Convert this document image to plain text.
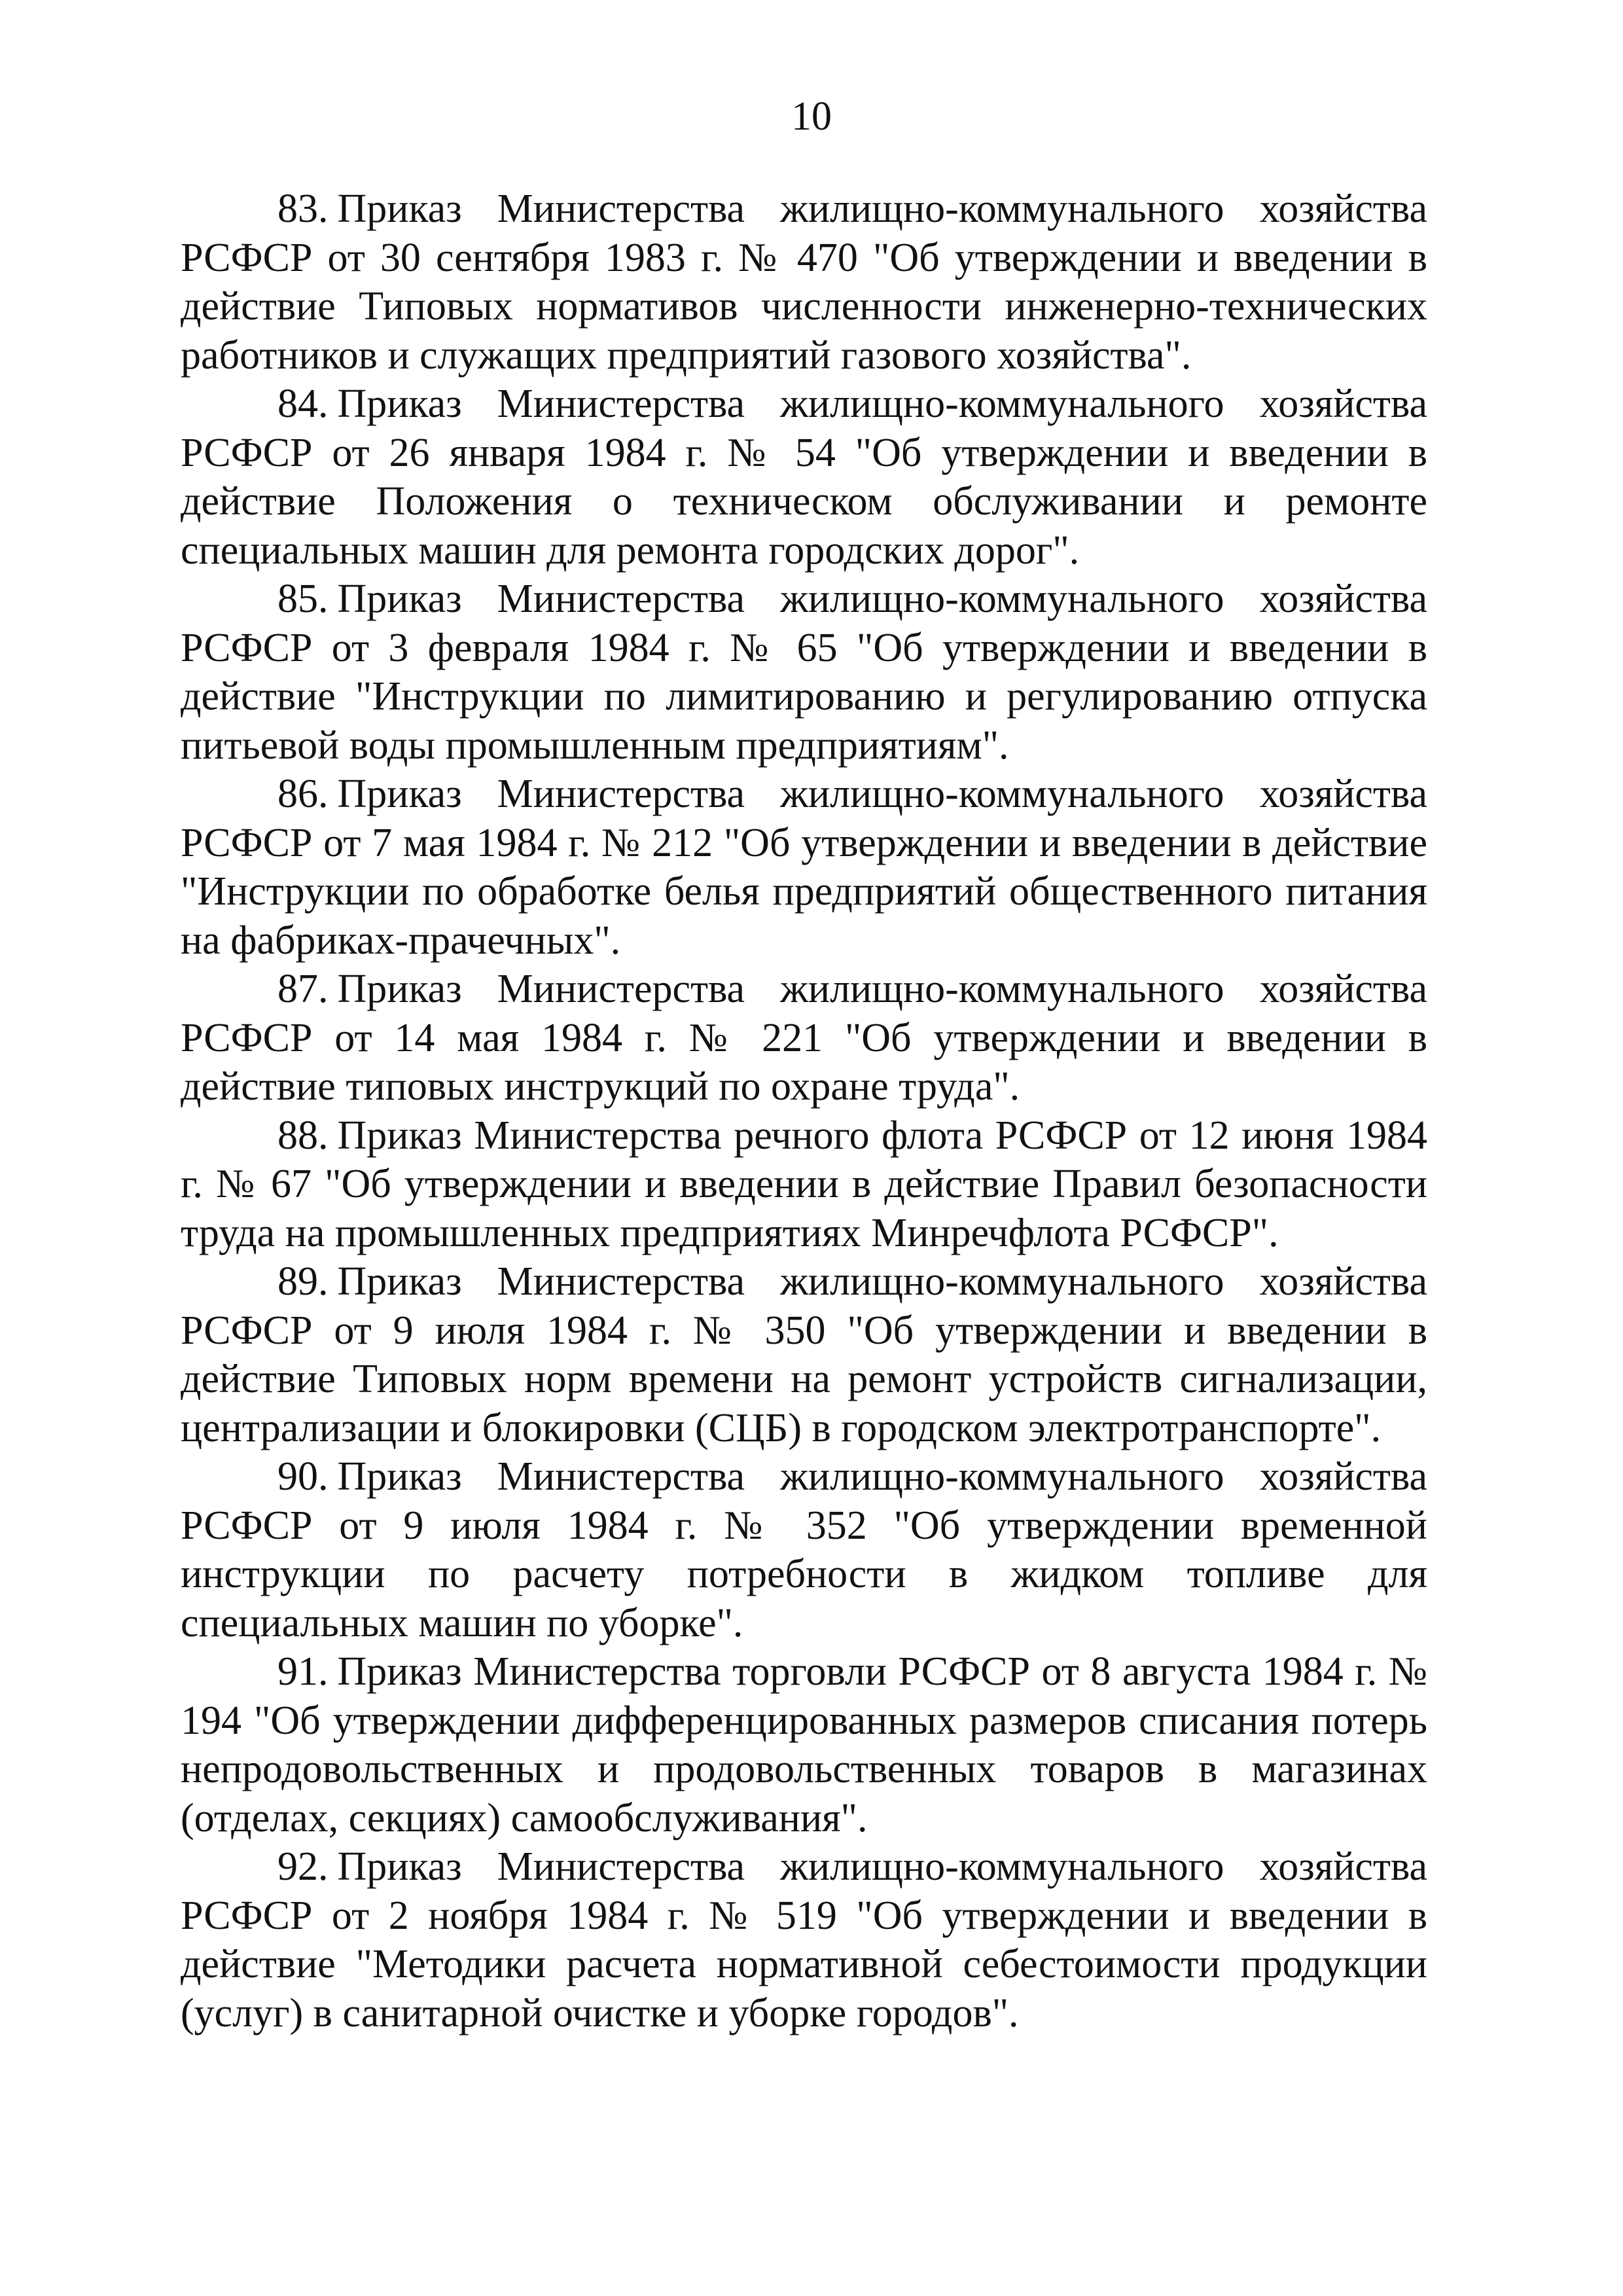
10

83. Приказ Министерства жилищно-коммунального хозяйства РСФСР от 30 сентября 1983 г. № 470 "Об утверждении и введении в действие Типовых нормативов численности инженерно-технических работников и служащих предприятий газового хозяйства".

84. Приказ Министерства жилищно-коммунального хозяйства РСФСР от 26 января 1984 г. № 54 "Об утверждении и введении в действие Положения о техническом обслуживании и ремонте специальных машин для ремонта городских дорог".

85. Приказ Министерства жилищно-коммунального хозяйства РСФСР от 3 февраля 1984 г. № 65 "Об утверждении и введении в действие "Инструкции по лимитированию и регулированию отпуска питьевой воды промышленным предприятиям".

86. Приказ Министерства жилищно-коммунального хозяйства РСФСР от 7 мая 1984 г. № 212 "Об утверждении и введении в действие "Инструкции по обработке белья предприятий общественного питания на фабриках-прачечных".

87. Приказ Министерства жилищно-коммунального хозяйства РСФСР от 14 мая 1984 г. № 221 "Об утверждении и введении в действие типовых инструкций по охране труда".

88. Приказ Министерства речного флота РСФСР от 12 июня 1984 г. № 67 "Об утверждении и введении в действие Правил безопасности труда на промышленных предприятиях Минречфлота РСФСР".

89. Приказ Министерства жилищно-коммунального хозяйства РСФСР от 9 июля 1984 г. № 350 "Об утверждении и введении в действие Типовых норм времени на ремонт устройств сигнализации, централизации и блокировки (СЦБ) в городском электротранспорте".

90. Приказ Министерства жилищно-коммунального хозяйства РСФСР от 9 июля 1984 г. № 352 "Об утверждении временной инструкции по расчету потребности в жидком топливе для специальных машин по уборке".

91. Приказ Министерства торговли РСФСР от 8 августа 1984 г. № 194 "Об утверждении дифференцированных размеров списания потерь непродовольственных и продовольственных товаров в магазинах (отделах, секциях) самообслуживания".

92. Приказ Министерства жилищно-коммунального хозяйства РСФСР от 2 ноября 1984 г. № 519 "Об утверждении и введении в действие "Методики расчета нормативной себестоимости продукции (услуг) в санитарной очистке и уборке городов".
